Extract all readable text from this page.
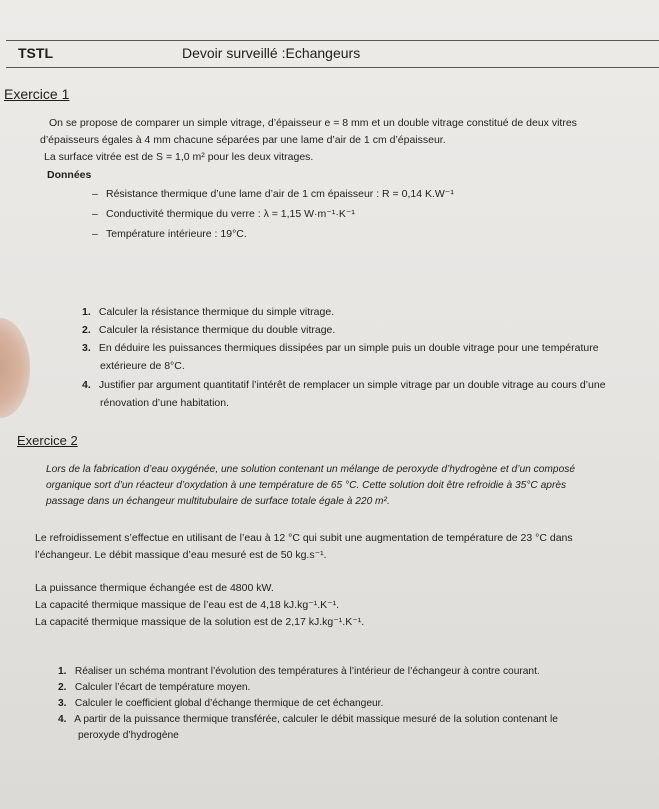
TSTL	Devoir surveillé :Echangeurs
Exercice 1
On se propose de comparer un simple vitrage, d’épaisseur e = 8 mm et un double vitrage constitué de deux vitres
d’épaisseurs égales à 4 mm chacune séparées par une lame d’air de 1 cm d’épaisseur.
La surface vitrée est de S = 1,0 m² pour les deux vitrages.
Données
– Résistance thermique d’une lame d’air de 1 cm épaisseur : R = 0,14 K.W⁻¹
– Conductivité thermique du verre : λ = 1,15 W·m⁻¹·K⁻¹
– Température intérieure : 19°C.
1. Calculer la résistance thermique du simple vitrage.
2. Calculer la résistance thermique du double vitrage.
3. En déduire les puissances thermiques dissipées par un simple puis un double vitrage pour une température
extérieure de 8°C.
4. Justifier par argument quantitatif l’intérêt de remplacer un simple vitrage par un double vitrage au cours d’une
rénovation d’une habitation.
Exercice 2
Lors de la fabrication d’eau oxygénée, une solution contenant un mélange de peroxyde d’hydrogène et d’un composé
organique sort d’un réacteur d’oxydation à une température de 65 °C. Cette solution doit être refroidie à 35°C après
passage dans un échangeur multitubulaire de surface totale égale à 220 m².
Le refroidissement s’effectue en utilisant de l’eau à 12 °C qui subit une augmentation de température de 23 °C dans
l’échangeur. Le débit massique d’eau mesuré est de 50 kg.s⁻¹.
La puissance thermique échangée est de 4800 kW.
La capacité thermique massique de l’eau est de 4,18 kJ.kg⁻¹.K⁻¹.
La capacité thermique massique de la solution est de 2,17 kJ.kg⁻¹.K⁻¹.
1. Réaliser un schéma montrant l’évolution des températures à l’intérieur de l’échangeur à contre courant.
2. Calculer l’écart de température moyen.
3. Calculer le coefficient global d’échange thermique de cet échangeur.
4. A partir de la puissance thermique transférée, calculer le débit massique mesuré de la solution contenant le
peroxyde d’hydrogène
